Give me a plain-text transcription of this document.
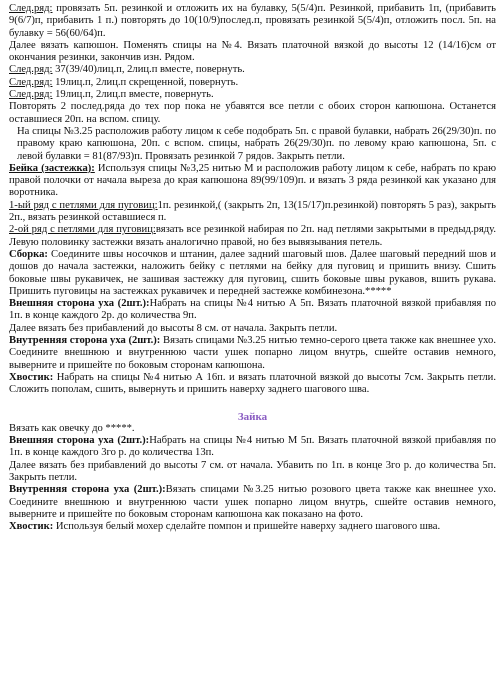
След.ряд: провязать 5п. резинкой и отложить их на булавку, 5(5/4)п. Резинкой, прибавить 1п, (прибавить 9(6/7)п, прибавить 1 п.) повторять до 10(10/9)послед.п, провязать резинкой 5(5/4)п, отложить посл. 5п. на булавку = 56(60/64)п.

Далее вязать капюшон. Поменять спицы на №4. Вязать платочной вязкой до высоты 12 (14/16)см от окончания резинки, закончив изн. Рядом.

След.ряд: 37(39/40)лиц.п, 2лиц.п вместе, повернуть.

След.ряд: 19лиц.п, 2лиц.п скрещенной, повернуть.

След.ряд: 19лиц.п, 2лиц.п вместе, повернуть.

Повторять 2 послед.ряда до тех пор пока не убавятся все петли с обоих сторон капюшона. Останется оставшиеся 20п. на вспом. спицу.

На спицы №3.25 расположив работу лицом к себе подобрать 5п. с правой булавки, набрать 26(29/30)п. по правому краю капюшона, 20п. с вспом. спицы, набрать 26(29/30)п. по левому краю капюшона, 5п. с левой булавки = 81(87/93)п. Провязать резинкой 7 рядов. Закрыть петли.

Бейка (застежка): Используя спицы №3,25 нитью М и расположив работу лицом к себе, набрать по краю правой полочки от начала выреза до края капюшона 89(99/109)п. и вязать 3 ряда резинкой как указано для воротника.

1-ый ряд с петлями для пуговиц:1п. резинкой,( (закрыть 2п, 13(15/17)п.резинкой) повторять 5 раз), закрыть 2п., вязать резинкой оставшиеся п.

2-ой ряд с петлями для пуговиц:вязать все резинкой набирая по 2п. над петлями закрытыми в предыд.ряду. Левую половинку застежки вязать аналогично правой, но без вывязывания петель.

Сборка: Соедините швы носочков и штанин, далее задний шаговый шов. Далее шаговый передний шов и дошов до начала застежки, наложить бейку с петлями на бейку для пуговиц и пришить внизу. Сшить боковые швы рукавичек, не зашивая застежку для пуговиц, сшить боковые швы рукавов, вшить рукава. Пришить пуговицы на застежках рукавичек и передней застежке комбинезона.*****

Внешняя сторона уха (2шт.):Набрать на спицы №4 нитью А 5п. Вязать платочной вязкой прибавляя по 1п. в конце каждого 2р. до количества 9п.

Далее вязать без прибавлений до высоты 8 см. от начала. Закрыть петли.

Внутренняя сторона уха (2шт.): Вязать спицами №3.25 нитью темно-серого цвета также как внешнее ухо. Соедините внешнюю и внутреннюю части ушек попарно лицом внутрь, сшейте оставив немного, выверните и пришейте по боковым сторонам капюшона.

Хвостик: Набрать на спицы №4 нитью А 16п. и вязать платочной вязкой до высоты 7см. Закрыть петли. Сложить пополам, сшить, вывернуть и пришить наверху заднего шагового шва.

Зайка

Вязать как овечку до *****.

Внешняя сторона уха (2шт.):Набрать на спицы №4 нитью М 5п. Вязать платочной вязкой прибавляя по 1п. в конце каждого 3го р. до количества 13п.

Далее вязать без прибавлений до высоты 7 см. от начала. Убавить по 1п. в конце 3го р. до количества 5п. Закрыть петли.

Внутренняя сторона уха (2шт.):Вязать спицами №3.25 нитью розового цвета также как внешнее ухо. Соедините внешнюю и внутреннюю части ушек попарно лицом внутрь, сшейте оставив немного, выверните и пришейте по боковым сторонам капюшона как показано на фото.

Хвостик: Используя белый мохер сделайте помпон и пришейте наверху заднего шагового шва.
